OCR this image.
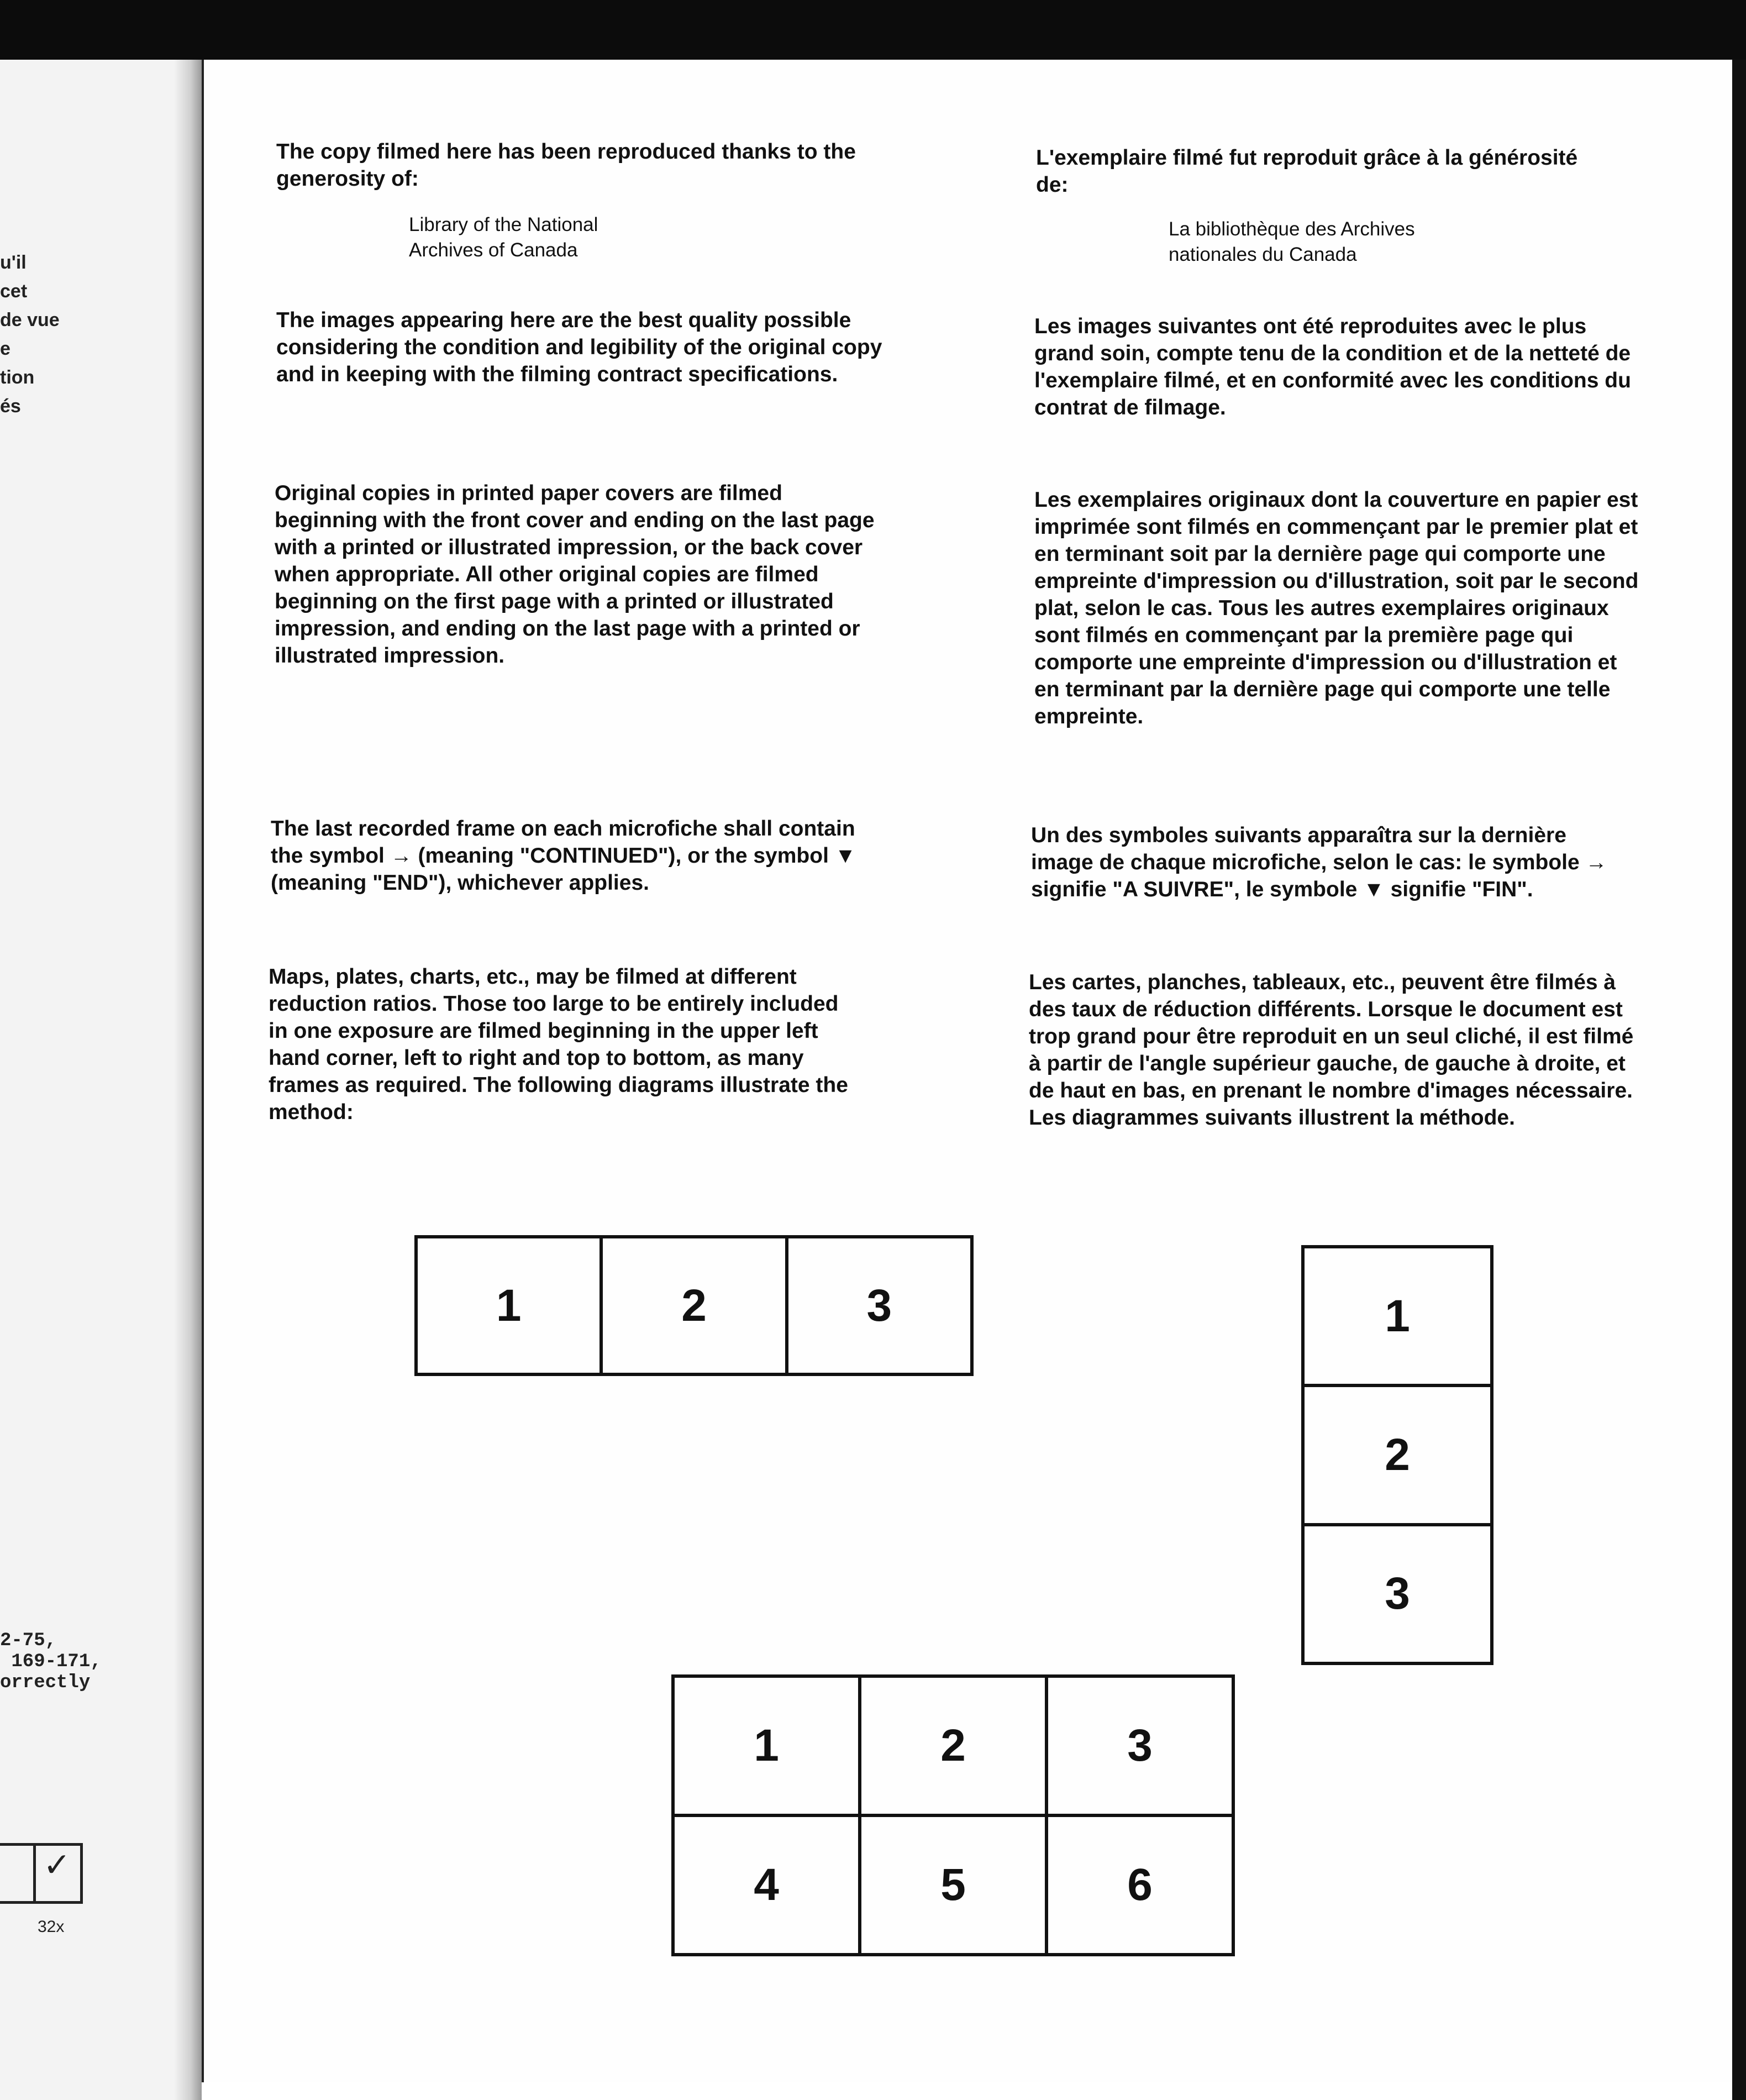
u'il
cet
de vue
e
tion
és
2-75,
169-171,
orrectly
✓
32x
The copy filmed here has been reproduced thanks to the generosity of:
Library of the National
Archives of Canada
The images appearing here are the best quality possible considering the condition and legibility of the original copy and in keeping with the filming contract specifications.
Original copies in printed paper covers are filmed beginning with the front cover and ending on the last page with a printed or illustrated impression, or the back cover when appropriate. All other original copies are filmed beginning on the first page with a printed or illustrated impression, and ending on the last page with a printed or illustrated impression.
The last recorded frame on each microfiche shall contain the symbol → (meaning "CONTINUED"), or the symbol ▼ (meaning "END"), whichever applies.
Maps, plates, charts, etc., may be filmed at different reduction ratios. Those too large to be entirely included in one exposure are filmed beginning in the upper left hand corner, left to right and top to bottom, as many frames as required. The following diagrams illustrate the method:
L'exemplaire filmé fut reproduit grâce à la générosité de:
La bibliothèque des Archives
nationales du Canada
Les images suivantes ont été reproduites avec le plus grand soin, compte tenu de la condition et de la netteté de l'exemplaire filmé, et en conformité avec les conditions du contrat de filmage.
Les exemplaires originaux dont la couverture en papier est imprimée sont filmés en commençant par le premier plat et en terminant soit par la dernière page qui comporte une empreinte d'impression ou d'illustration, soit par le second plat, selon le cas. Tous les autres exemplaires originaux sont filmés en commençant par la première page qui comporte une empreinte d'impression ou d'illustration et en terminant par la dernière page qui comporte une telle empreinte.
Un des symboles suivants apparaîtra sur la dernière image de chaque microfiche, selon le cas: le symbole → signifie "A SUIVRE", le symbole ▼ signifie "FIN".
Les cartes, planches, tableaux, etc., peuvent être filmés à des taux de réduction différents. Lorsque le document est trop grand pour être reproduit en un seul cliché, il est filmé à partir de l'angle supérieur gauche, de gauche à droite, et de haut en bas, en prenant le nombre d'images nécessaire. Les diagrammes suivants illustrent la méthode.
1	2	3	1
2
3
1	2	3
4	5	6
